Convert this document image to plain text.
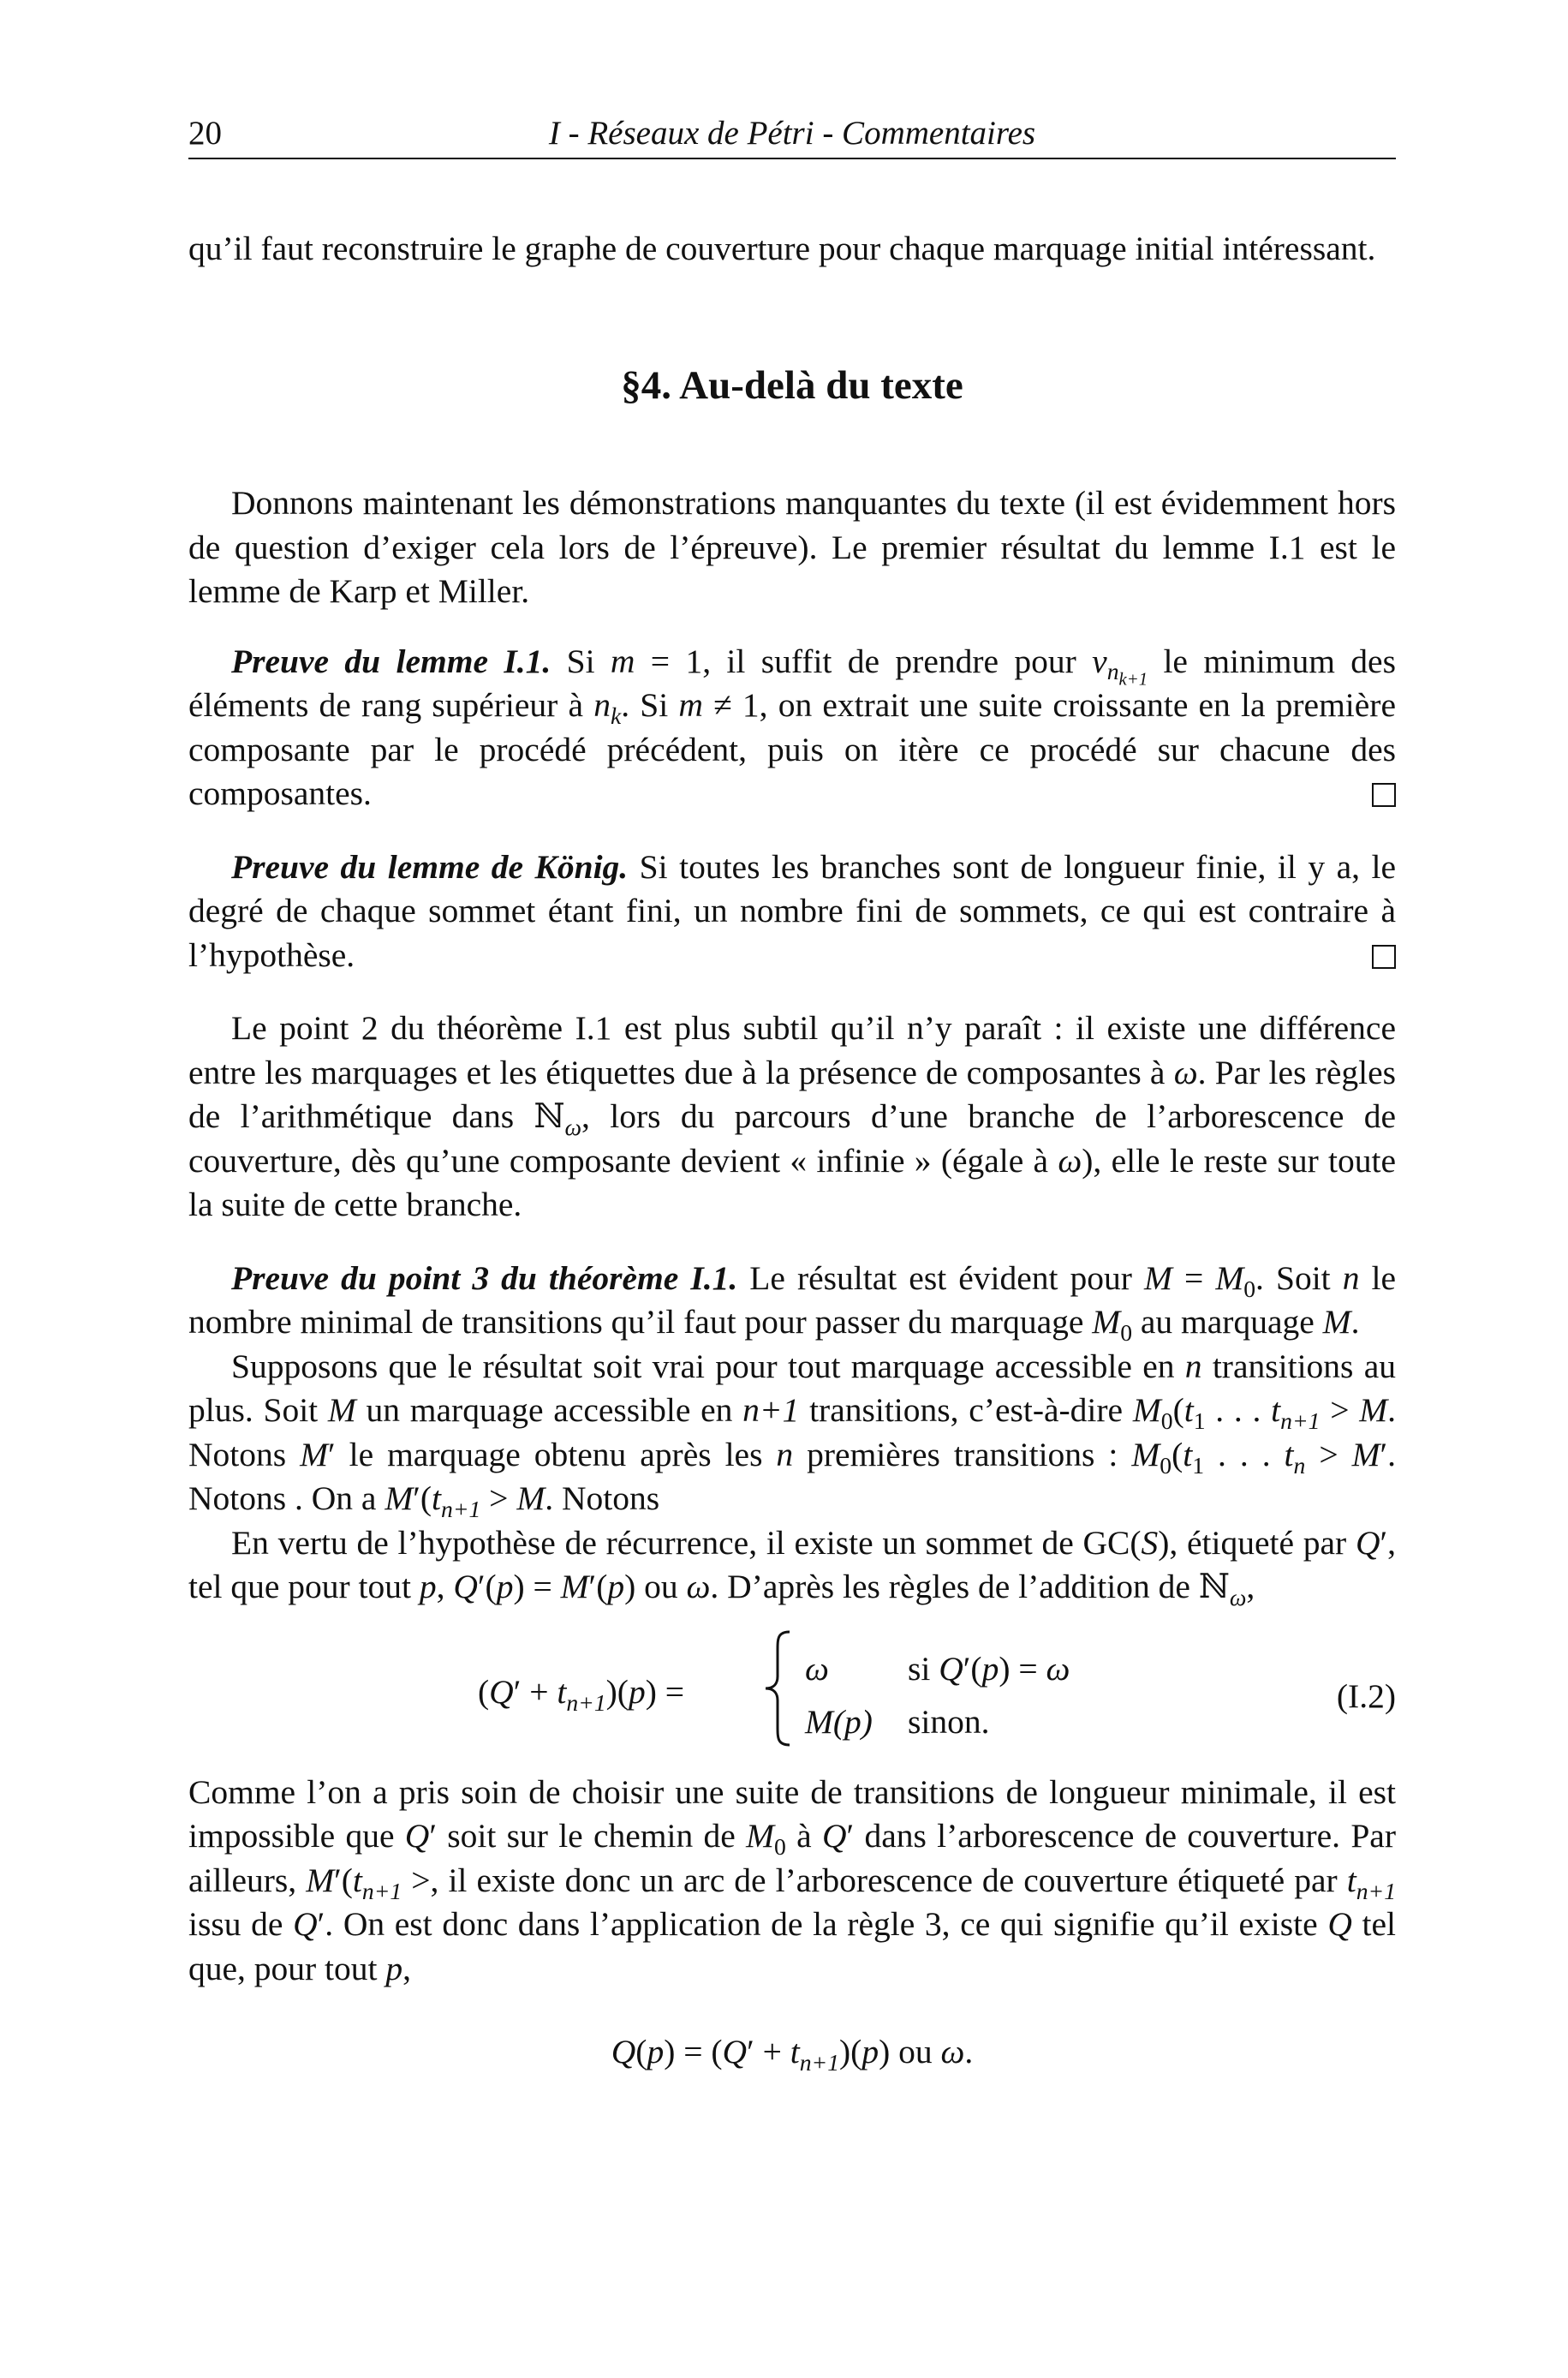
20	I - Réseaux de Pétri - Commentaires

qu’il faut reconstruire le graphe de couverture pour chaque marquage initial intéressant.

§4. Au-delà du texte

Donnons maintenant les démonstrations manquantes du texte (il est évidemment hors de question d’exiger cela lors de l’épreuve). Le premier résultat du lemme I.1 est le lemme de Karp et Miller.

Preuve du lemme I.1. Si m = 1, il suffit de prendre pour $v_{n_{k+1}}$ le minimum des éléments de rang supérieur à $n_k$. Si m ≠ 1, on extrait une suite croissante en la première composante par le procédé précédent, puis on itère ce procédé sur chacune des composantes.

Preuve du lemme de König. Si toutes les branches sont de longueur finie, il y a, le degré de chaque sommet étant fini, un nombre fini de sommets, ce qui est contraire à l’hypothèse.

Le point 2 du théorème I.1 est plus subtil qu’il n’y paraît : il existe une différence entre les marquages et les étiquettes due à la présence de composantes à ω. Par les règles de l’arithmétique dans ℕ$_\omega$, lors du parcours d’une branche de l’arborescence de couverture, dès qu’une composante devient « infinie » (égale à ω), elle le reste sur toute la suite de cette branche.

Preuve du point 3 du théorème I.1. Le résultat est évident pour $M = M_0$. Soit n le nombre minimal de transitions qu’il faut pour passer du marquage $M_0$ au marquage M.

Supposons que le résultat soit vrai pour tout marquage accessible en n transitions au plus. Soit M un marquage accessible en n+1 transitions, c’est-à-dire $M_0(t_1$ . . . $t_{n+1} > M$. Notons M′ le marquage obtenu après les n premières transitions : $M_0(t_1$ . . . $t_n > M'$. Notons . On a $M'(t_{n+1} > M$. Notons

En vertu de l’hypothèse de récurrence, il existe un sommet de GC(S), étiqueté par Q′, tel que pour tout p, Q′(p) = M′(p) ou ω. D’après les règles de l’addition de ℕ$_\omega$,

$(Q' + t_{n+1})(p)$ =
ω
M(p)
si Q′(p) = ω
sinon.
(I.2)

Comme l’on a pris soin de choisir une suite de transitions de longueur minimale, il est impossible que Q′ soit sur le chemin de $M_0$ à Q′ dans l’arborescence de couverture. Par ailleurs, $M'(t_{n+1}$ >, il existe donc un arc de l’arborescence de couverture étiqueté par $t_{n+1}$ issu de Q′. On est donc dans l’application de la règle 3, ce qui signifie qu’il existe Q tel que, pour tout p,

$Q(p) = (Q' + t_{n+1})(p)$ ou ω.
